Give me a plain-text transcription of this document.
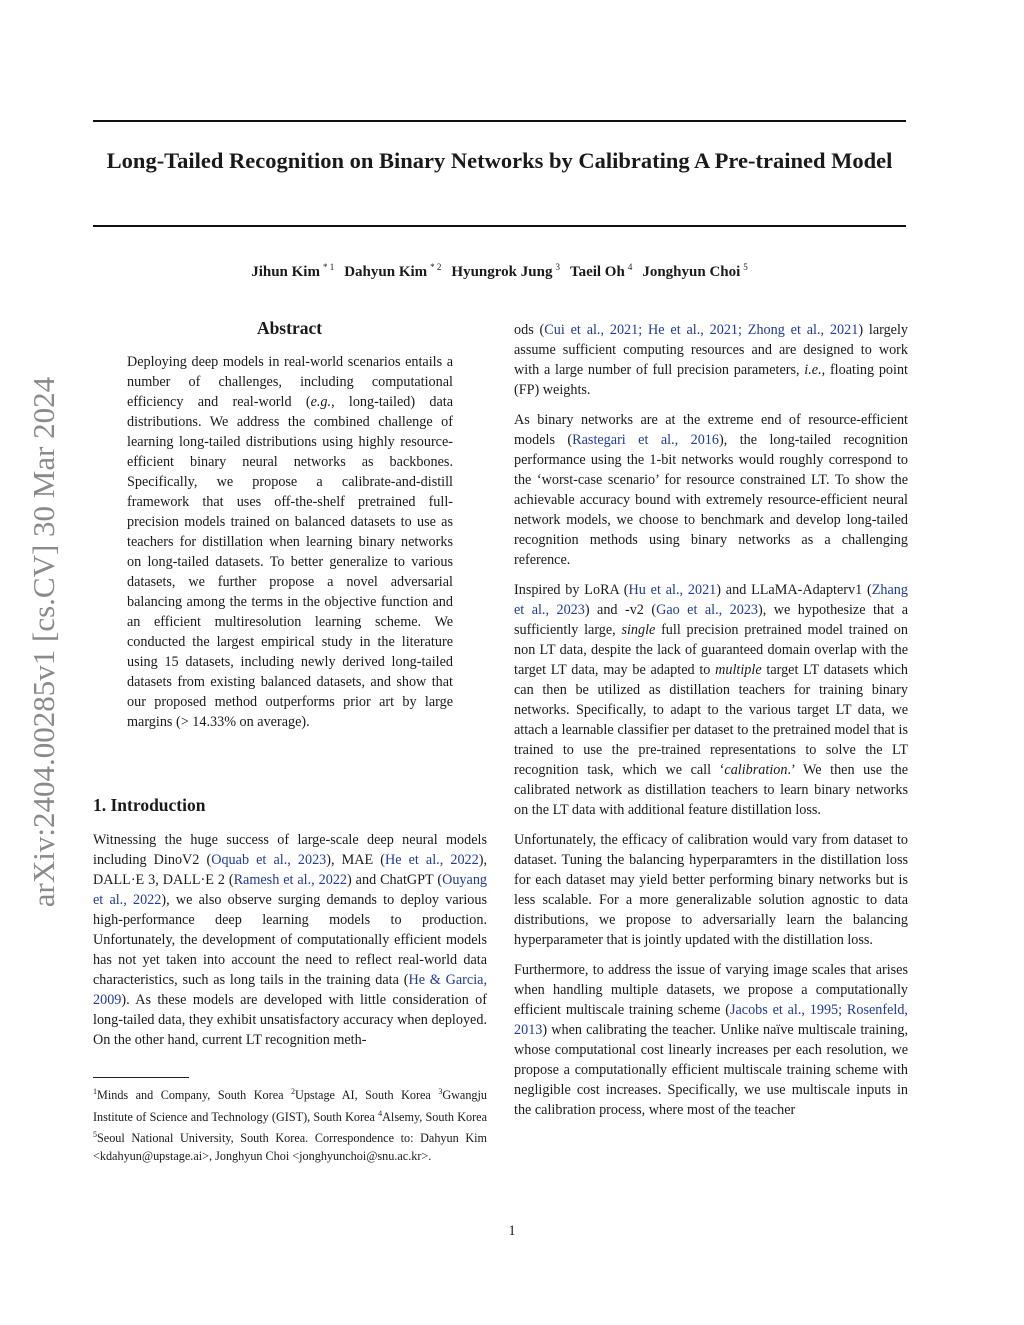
Long-Tailed Recognition on Binary Networks by Calibrating A Pre-trained Model
Jihun Kim $^{* 1}$ Dahyun Kim $^{* 2}$ Hyungrok Jung $^3$ Taeil Oh $^4$ Jonghyun Choi $^5$
arXiv:2404.00285v1 [cs.CV] 30 Mar 2024
Abstract

Deploying deep models in real-world scenarios entails a number of challenges, including computational efficiency and real-world (e.g., long-tailed) data distributions. We address the combined challenge of learning long-tailed distributions using highly resource-efficient binary neural networks as backbones. Specifically, we propose a calibrate-and-distill framework that uses off-the-shelf pretrained full-precision models trained on balanced datasets to use as teachers for distillation when learning binary networks on long-tailed datasets. To better generalize to various datasets, we further propose a novel adversarial balancing among the terms in the objective function and an efficient multiresolution learning scheme. We conducted the largest empirical study in the literature using 15 datasets, including newly derived long-tailed datasets from existing balanced datasets, and show that our proposed method outperforms prior art by large margins (> 14.33% on average).

1. Introduction

Witnessing the huge success of large-scale deep neural models including DinoV2 (Oquab et al., 2023), MAE (He et al., 2022), DALL·E 3, DALL·E 2 (Ramesh et al., 2022) and ChatGPT (Ouyang et al., 2022), we also observe surging demands to deploy various high-performance deep learning models to production. Unfortunately, the development of computationally efficient models has not yet taken into account the need to reflect real-world data characteristics, such as long tails in the training data (He & Garcia, 2009). As these models are developed with little consideration of long-tailed data, they exhibit unsatisfactory accuracy when deployed. On the other hand, current LT recognition meth-

$^1$Minds and Company, South Korea $^2$Upstage AI, South Korea $^3$Gwangju Institute of Science and Technology (GIST), South Korea $^4$Alsemy, South Korea $^5$Seoul National University, South Korea. Correspondence to: Dahyun Kim <kdahyun@upstage.ai>, Jonghyun Choi <jonghyunchoi@snu.ac.kr>.

ods (Cui et al., 2021; He et al., 2021; Zhong et al., 2021) largely assume sufficient computing resources and are designed to work with a large number of full precision parameters, i.e., floating point (FP) weights.

As binary networks are at the extreme end of resource-efficient models (Rastegari et al., 2016), the long-tailed recognition performance using the 1-bit networks would roughly correspond to the ‘worst-case scenario’ for resource constrained LT. To show the achievable accuracy bound with extremely resource-efficient neural network models, we choose to benchmark and develop long-tailed recognition methods using binary networks as a challenging reference.

Inspired by LoRA (Hu et al., 2021) and LLaMA-Adapterv1 (Zhang et al., 2023) and -v2 (Gao et al., 2023), we hypothesize that a sufficiently large, single full precision pretrained model trained on non LT data, despite the lack of guaranteed domain overlap with the target LT data, may be adapted to multiple target LT datasets which can then be utilized as distillation teachers for training binary networks. Specifically, to adapt to the various target LT data, we attach a learnable classifier per dataset to the pretrained model that is trained to use the pre-trained representations to solve the LT recognition task, which we call ‘calibration.’ We then use the calibrated network as distillation teachers to learn binary networks on the LT data with additional feature distillation loss.

Unfortunately, the efficacy of calibration would vary from dataset to dataset. Tuning the balancing hyperparamters in the distillation loss for each dataset may yield better performing binary networks but is less scalable. For a more generalizable solution agnostic to data distributions, we propose to adversarially learn the balancing hyperparameter that is jointly updated with the distillation loss.

Furthermore, to address the issue of varying image scales that arises when handling multiple datasets, we propose a computationally efficient multiscale training scheme (Jacobs et al., 1995; Rosenfeld, 2013) when calibrating the teacher. Unlike naïve multiscale training, whose computational cost linearly increases per each resolution, we propose a computationally efficient multiscale training scheme with negligible cost increases. Specifically, we use multiscale inputs in the calibration process, where most of the teacher

1
